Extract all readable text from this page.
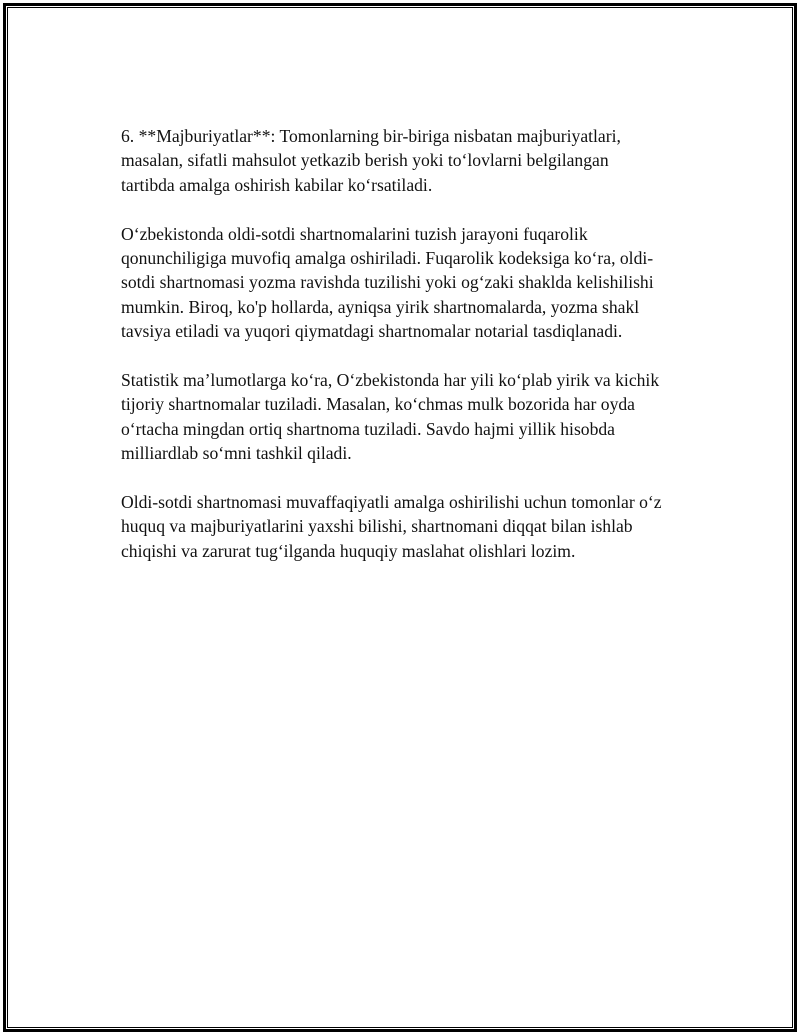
6. **Majburiyatlar**: Tomonlarning bir-biriga nisbatan majburiyatlari,
masalan, sifatli mahsulot yetkazib berish yoki to‘lovlarni belgilangan
tartibda amalga oshirish kabilar ko‘rsatiladi.

O‘zbekistonda oldi-sotdi shartnomalarini tuzish jarayoni fuqarolik
qonunchiligiga muvofiq amalga oshiriladi. Fuqarolik kodeksiga ko‘ra, oldi-
sotdi shartnomasi yozma ravishda tuzilishi yoki og‘zaki shaklda kelishilishi
mumkin. Biroq, ko'p hollarda, ayniqsa yirik shartnomalarda, yozma shakl
tavsiya etiladi va yuqori qiymatdagi shartnomalar notarial tasdiqlanadi.

Statistik ma’lumotlarga ko‘ra, O‘zbekistonda har yili ko‘plab yirik va kichik
tijoriy shartnomalar tuziladi. Masalan, ko‘chmas mulk bozorida har oyda
o‘rtacha mingdan ortiq shartnoma tuziladi. Savdo hajmi yillik hisobda
milliardlab so‘mni tashkil qiladi.

Oldi-sotdi shartnomasi muvaffaqiyatli amalga oshirilishi uchun tomonlar o‘z
huquq va majburiyatlarini yaxshi bilishi, shartnomani diqqat bilan ishlab
chiqishi va zarurat tug‘ilganda huquqiy maslahat olishlari lozim.
